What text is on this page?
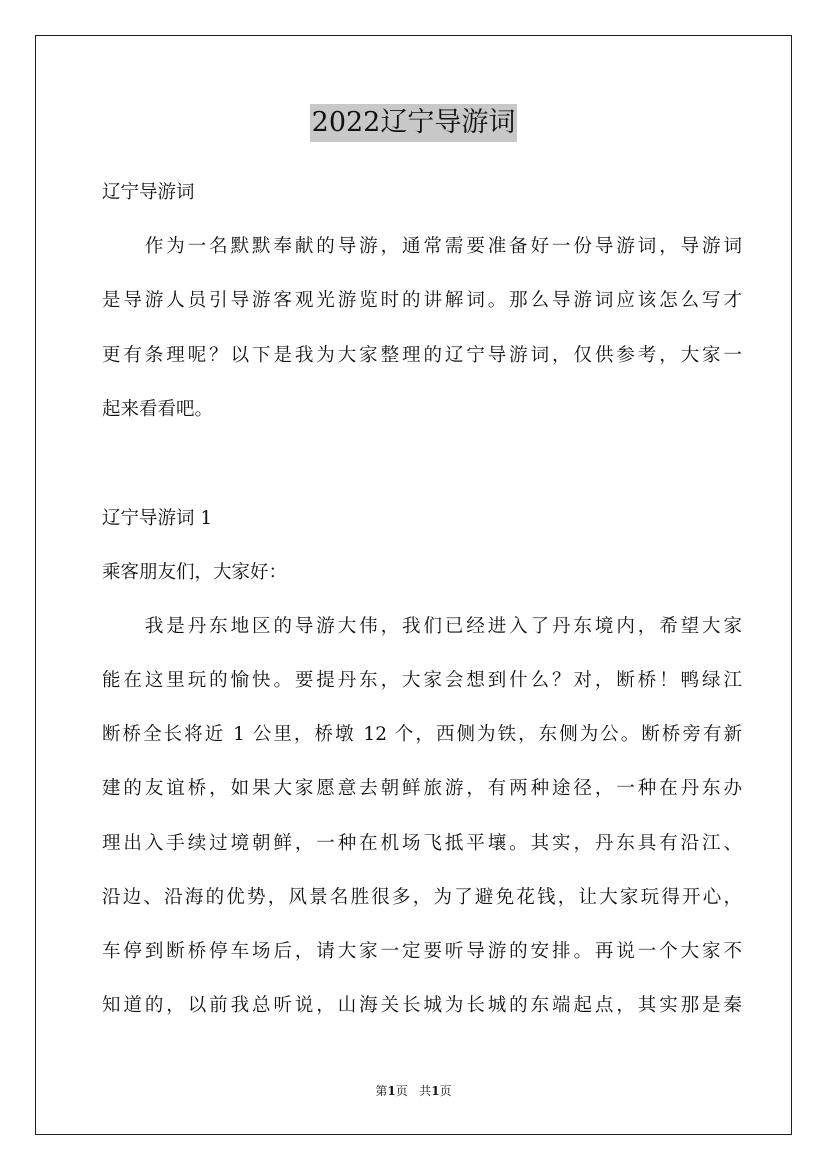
2022辽宁导游词
辽宁导游词
　　作为一名默默奉献的导游，通常需要准备好一份导游词，导游词
是导游人员引导游客观光游览时的讲解词。那么导游词应该怎么写才
更有条理呢？以下是我为大家整理的辽宁导游词，仅供参考，大家一
起来看看吧。
辽宁导游词 1
乘客朋友们，大家好：
　　我是丹东地区的导游大伟，我们已经进入了丹东境内，希望大家
能在这里玩的愉快。要提丹东，大家会想到什么？对，断桥！鸭绿江
断桥全长将近 1 公里，桥墩 12 个，西侧为铁，东侧为公。断桥旁有新
建的友谊桥，如果大家愿意去朝鲜旅游，有两种途径，一种在丹东办
理出入手续过境朝鲜，一种在机场飞抵平壤。其实，丹东具有沿江、
沿边、沿海的优势，风景名胜很多，为了避免花钱，让大家玩得开心，
车停到断桥停车场后，请大家一定要听导游的安排。再说一个大家不
知道的，以前我总听说，山海关长城为长城的东端起点，其实那是秦
第1页 共1页
